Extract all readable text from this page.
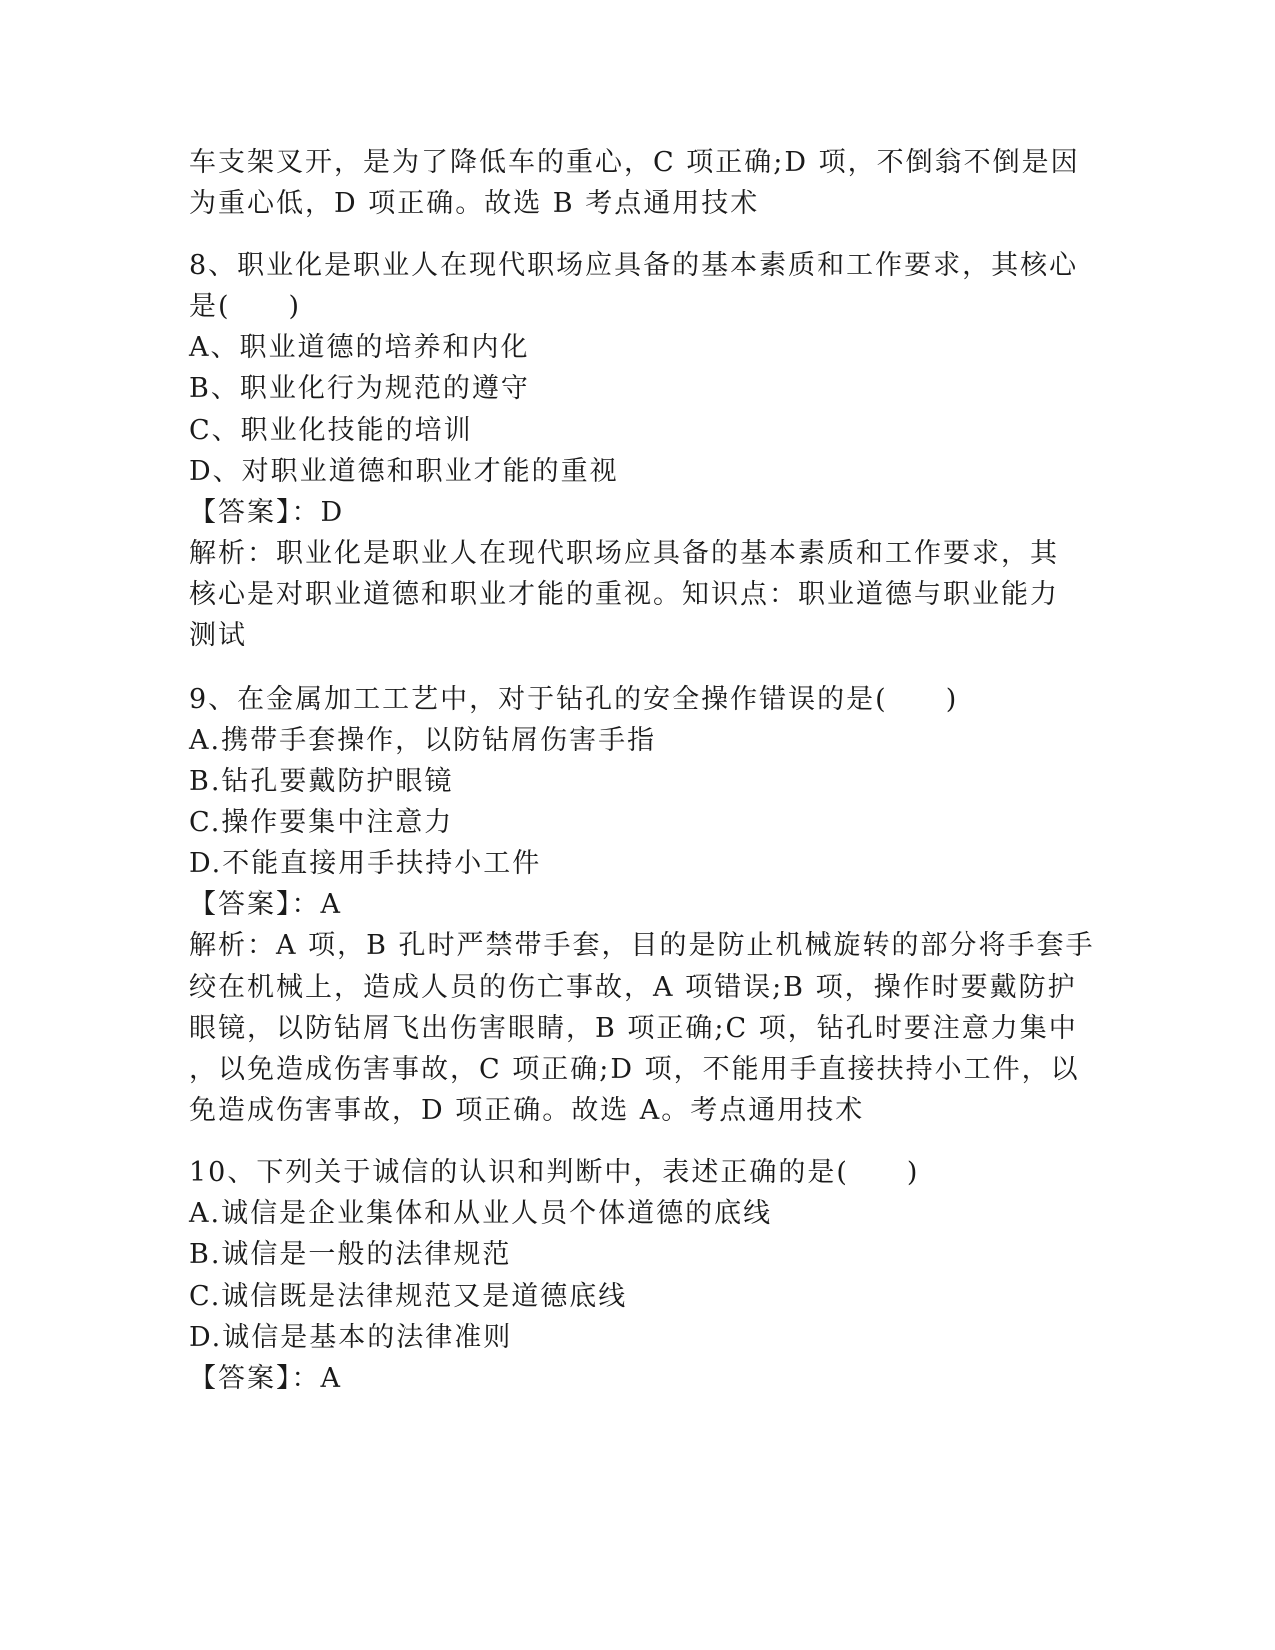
车支架叉开，是为了降低车的重心，C 项正确;D 项，不倒翁不倒是因
为重心低，D 项正确。故选 B 考点通用技术
8、职业化是职业人在现代职场应具备的基本素质和工作要求，其核心
是(　　)
A、职业道德的培养和内化
B、职业化行为规范的遵守
C、职业化技能的培训
D、对职业道德和职业才能的重视
【答案】：D
解析：职业化是职业人在现代职场应具备的基本素质和工作要求，其
核心是对职业道德和职业才能的重视。知识点：职业道德与职业能力
测试
9、在金属加工工艺中，对于钻孔的安全操作错误的是(　　)
A.携带手套操作，以防钻屑伤害手指
B.钻孔要戴防护眼镜
C.操作要集中注意力
D.不能直接用手扶持小工件
【答案】：A
解析：A 项，B 孔时严禁带手套，目的是防止机械旋转的部分将手套手
绞在机械上，造成人员的伤亡事故，A 项错误;B 项，操作时要戴防护
眼镜，以防钻屑飞出伤害眼睛，B 项正确;C 项，钻孔时要注意力集中
，以免造成伤害事故，C 项正确;D 项，不能用手直接扶持小工件，以
免造成伤害事故，D 项正确。故选 A。考点通用技术
10、下列关于诚信的认识和判断中，表述正确的是(　　)
A.诚信是企业集体和从业人员个体道德的底线
B.诚信是一般的法律规范
C.诚信既是法律规范又是道德底线
D.诚信是基本的法律准则
【答案】：A
